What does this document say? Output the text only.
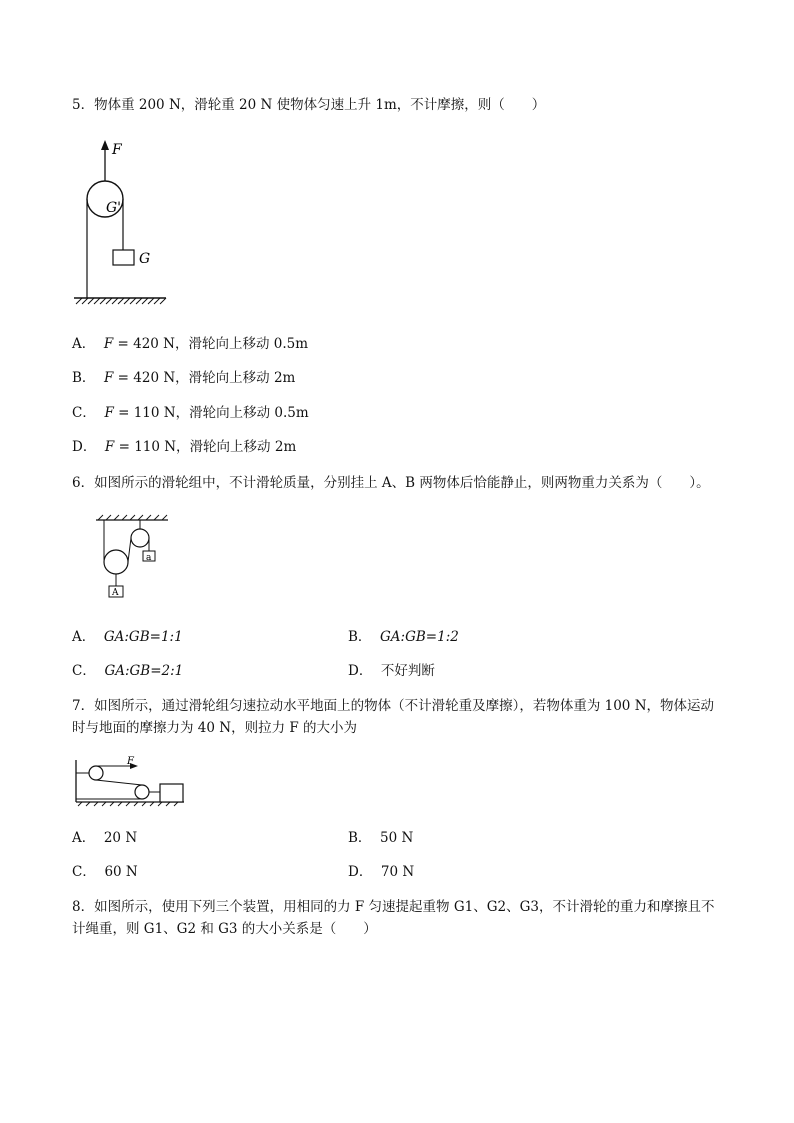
5．物体重 200 N，滑轮重 20 N 使物体匀速上升 1m，不计摩擦，则（　　）
F
G'
G
A． F = 420 N，滑轮向上移动 0.5m
B． F = 420 N，滑轮向上移动 2m
C． F = 110 N，滑轮向上移动 0.5m
D． F = 110 N，滑轮向上移动 2m
6．如图所示的滑轮组中，不计滑轮质量，分别挂上 A、B 两物体后恰能静止，则两物重力关系为（　　）。
a
A
A． GA:GB=1:1	B． GA:GB=1:2
C． GA:GB=2:1	D． 不好判断
7．如图所示，通过滑轮组匀速拉动水平地面上的物体（不计滑轮重及摩擦），若物体重为 100 N，物体运动时与地面的摩擦力为 40 N，则拉力 F 的大小为
F
A． 20 N	B． 50 N
C． 60 N	D． 70 N
8．如图所示，使用下列三个装置，用相同的力 F 匀速提起重物 G1、G2、G3，不计滑轮的重力和摩擦且不计绳重，则 G1、G2 和 G3 的大小关系是（　　）
